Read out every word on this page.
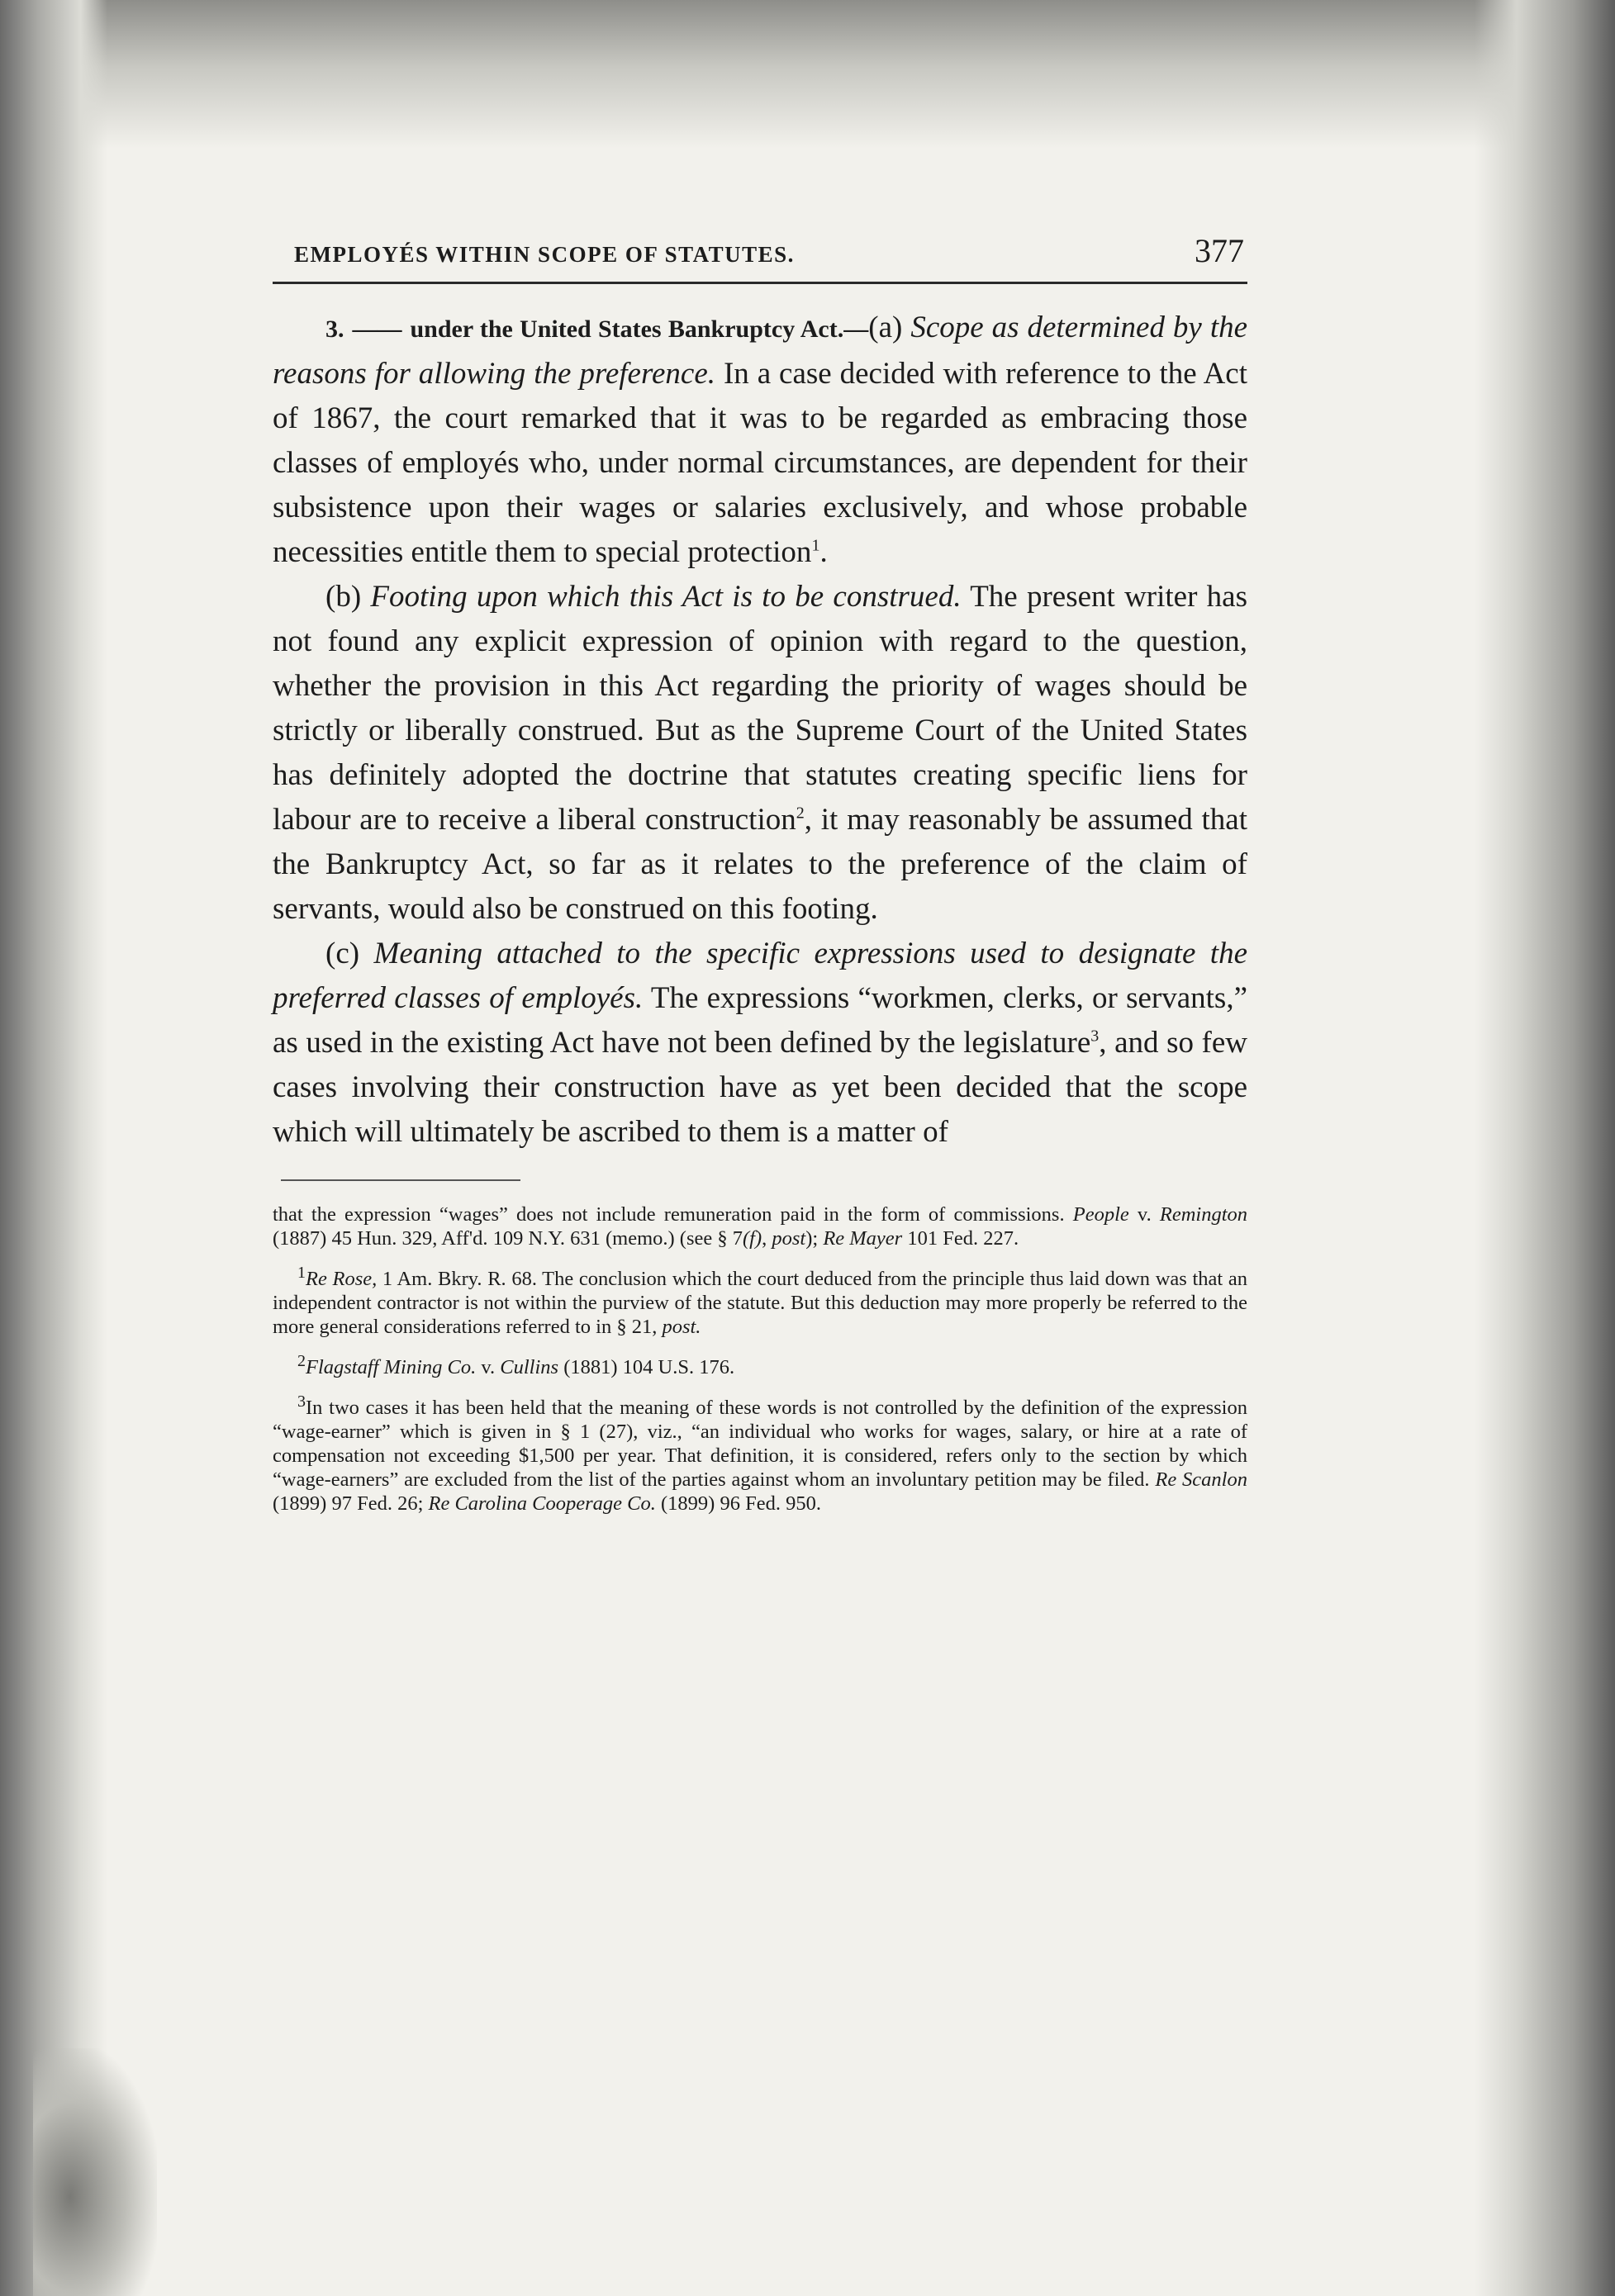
EMPLOYÉS WITHIN SCOPE OF STATUTES.	377

3. —— under the United States Bankruptcy Act.—(a) Scope as determined by the reasons for allowing the preference. In a case decided with reference to the Act of 1867, the court remarked that it was to be regarded as embracing those classes of employés who, under normal circumstances, are dependent for their subsistence upon their wages or salaries exclusively, and whose probable necessities entitle them to special protection$^1$.

(b) Footing upon which this Act is to be construed. The present writer has not found any explicit expression of opinion with regard to the question, whether the provision in this Act regarding the priority of wages should be strictly or liberally construed. But as the Supreme Court of the United States has definitely adopted the doctrine that statutes creating specific liens for labour are to receive a liberal construction$^2$, it may reasonably be assumed that the Bankruptcy Act, so far as it relates to the preference of the claim of servants, would also be construed on this footing.

(c) Meaning attached to the specific expressions used to designate the preferred classes of employés. The expressions “workmen, clerks, or servants,” as used in the existing Act have not been defined by the legislature$^3$, and so few cases involving their construction have as yet been decided that the scope which will ultimately be ascribed to them is a matter of

that the expression “wages” does not include remuneration paid in the form of commissions. People v. Remington (1887) 45 Hun. 329, Aff'd. 109 N.Y. 631 (memo.) (see § 7(f), post); Re Mayer 101 Fed. 227.

$^1$Re Rose, 1 Am. Bkry. R. 68. The conclusion which the court deduced from the principle thus laid down was that an independent contractor is not within the purview of the statute. But this deduction may more properly be referred to the more general considerations referred to in § 21, post.

$^2$Flagstaff Mining Co. v. Cullins (1881) 104 U.S. 176.

$^3$In two cases it has been held that the meaning of these words is not controlled by the definition of the expression “wage-earner” which is given in § 1 (27), viz., “an individual who works for wages, salary, or hire at a rate of compensation not exceeding $1,500 per year. That definition, it is considered, refers only to the section by which “wage-earners” are excluded from the list of the parties against whom an involuntary petition may be filed. Re Scanlon (1899) 97 Fed. 26; Re Carolina Cooperage Co. (1899) 96 Fed. 950.
